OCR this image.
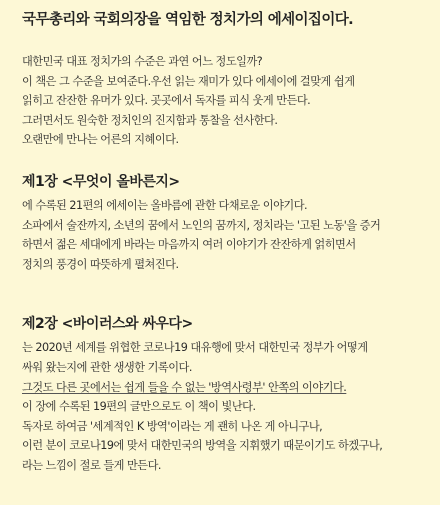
국무총리와 국회의장을 역임한 정치가의 에세이집이다.
대한민국 대표 정치가의 수준은 과연 어느 정도일까?
이 책은 그 수준을 보여준다.우선 읽는 재미가 있다 에세이에 걸맞게 쉽게
읽히고 잔잔한 유머가 있다. 곳곳에서 독자를 피식 웃게 만든다.
그러면서도 원숙한 정치인의 진지함과 통찰을 선사한다.
오랜만에 만나는 어른의 지혜이다.
제1장 <무엇이 올바른지>
에 수록된 21편의 에세이는 올바름에 관한 다채로운 이야기다.
소파에서 술잔까지, 소년의 꿈에서 노인의 꿈까지, 정치라는 '고된 노동'을 증거
하면서 젊은 세대에게 바라는 마음까지 여러 이야기가 잔잔하게 얽히면서
정치의 풍경이 따뜻하게 펼쳐진다.
제2장 <바이러스와 싸우다>
는 2020년 세계를 위협한 코로나19 대유행에 맞서 대한민국 정부가 어떻게
싸워 왔는지에 관한 생생한 기록이다.
그것도 다른 곳에서는 쉽게 들을 수 없는 '방역사령부' 안쪽의 이야기다.
이 장에 수록된 19편의 글만으로도 이 책이 빛난다.
독자로 하여금 '세계적인 K 방역'이라는 게 괜히 나온 게 아니구나,
이런 분이 코로나19에 맞서 대한민국의 방역을 지휘했기 때문이기도 하겠구나,
라는 느낌이 절로 들게 만든다.
